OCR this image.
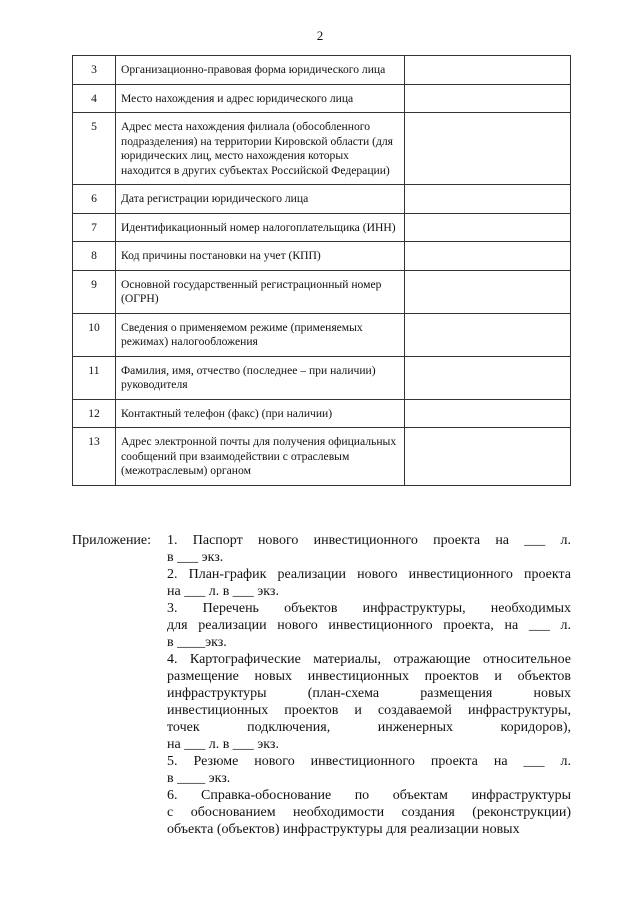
2
3	Организационно-правовая форма юридического лица	
4	Место нахождения и адрес юридического лица	
5	Адрес места нахождения филиала (обособленного подразделения) на территории Кировской области (для юридических лиц, место нахождения которых находится в других субъектах Российской Федерации)	
6	Дата регистрации юридического лица	
7	Идентификационный номер налогоплательщика (ИНН)	
8	Код причины постановки на учет (КПП)	
9	Основной государственный регистрационный номер (ОГРН)	
10	Сведения о применяемом режиме (применяемых режимах) налогообложения	
11	Фамилия, имя, отчество (последнее – при наличии) руководителя	
12	Контактный телефон (факс) (при наличии)	
13	Адрес электронной почты для получения официальных сообщений при взаимодействии с отраслевым (межотраслевым) органом	
Приложение: 1. Паспорт нового инвестиционного проекта на ___ л.
в ___ экз.
2. План-график реализации нового инвестиционного проекта
на ___ л. в ___ экз.
3. Перечень объектов инфраструктуры, необходимых
для реализации нового инвестиционного проекта, на ___ л.
в ____экз.
4. Картографические материалы, отражающие относительное
размещение новых инвестиционных проектов и объектов
инфраструктуры (план-схема размещения новых
инвестиционных проектов и создаваемой инфраструктуры,
точек подключения, инженерных коридоров),
на ___ л. в ___ экз.
5. Резюме нового инвестиционного проекта на ___ л.
в ____ экз.
6. Справка-обоснование по объектам инфраструктуры
с обоснованием необходимости создания (реконструкции)
объекта (объектов) инфраструктуры для реализации новых
